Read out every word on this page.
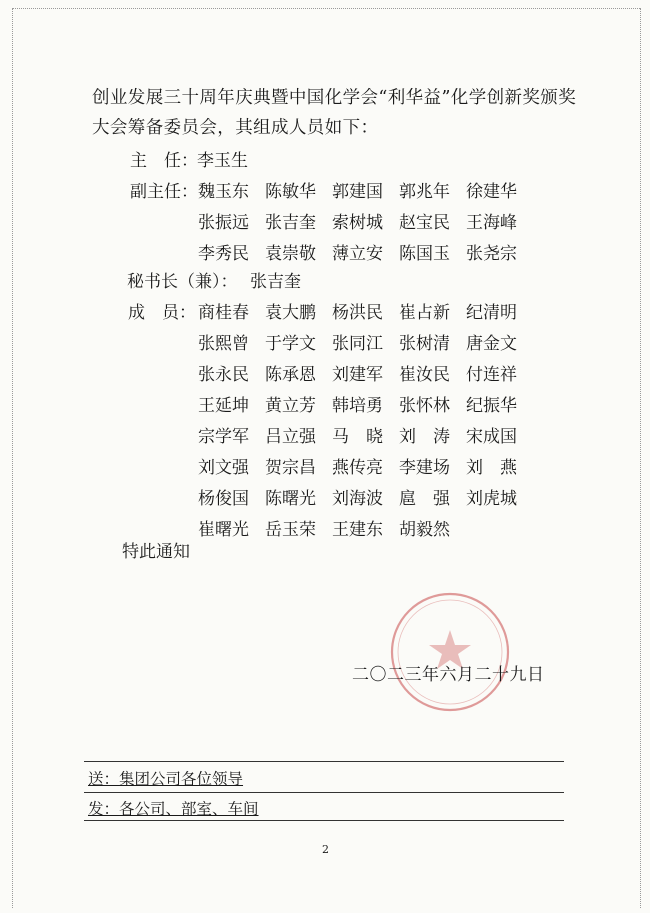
创业发展三十周年庆典暨中国化学会“利华益”化学创新奖颁奖
大会筹备委员会，其组成人员如下：
主　任： 李玉生
副主任： 魏玉东 陈敏华 郭建国 郭兆年 徐建华
张振远 张吉奎 索树城 赵宝民 王海峰
李秀民 袁崇敬 薄立安 陈国玉 张尧宗
秘书长（兼）： 张吉奎
成　员： 商桂春 袁大鹏 杨洪民 崔占新 纪清明
张熙曾 于学文 张同江 张树清 唐金文
张永民 陈承恩 刘建军 崔汝民 付连祥
王延坤 黄立芳 韩培勇 张怀林 纪振华
宗学军 吕立强 马　晓 刘　涛 宋成国
刘文强 贺宗昌 燕传亮 李建场 刘　燕
杨俊国 陈曙光 刘海波 扈　强 刘虎城
崔曙光 岳玉荣 王建东 胡毅然
特此通知
二〇二三年六月二十九日
送：集团公司各位领导
发：各公司、部室、车间
2
